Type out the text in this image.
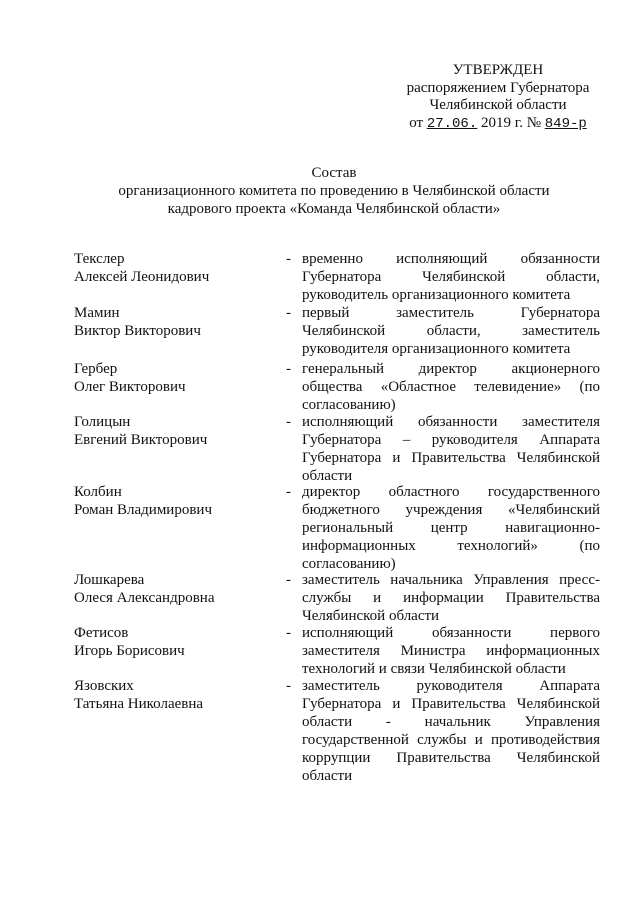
УТВЕРЖДЕН
распоряжением Губернатора
Челябинской области
от 27.06. 2019 г. № 849-р
Состав
организационного комитета по проведению в Челябинской области
кадрового проекта «Команда Челябинской области»
Текслер
Алексей Леонидович
- временно исполняющий обязанности Губернатора Челябинской области, руководитель организационного комитета
Мамин
Виктор Викторович
- первый заместитель Губернатора Челябинской области, заместитель руководителя организационного комитета
Гербер
Олег Викторович
- генеральный директор акционерного общества «Областное телевидение» (по согласованию)
Голицын
Евгений Викторович
- исполняющий обязанности заместителя Губернатора – руководителя Аппарата Губернатора и Правительства Челябинской области
Колбин
Роман Владимирович
- директор областного государственного бюджетного учреждения «Челябинский региональный центр навигационно-информационных технологий» (по согласованию)
Лошкарева
Олеся Александровна
- заместитель начальника Управления пресс-службы и информации Правительства Челябинской области
Фетисов
Игорь Борисович
- исполняющий обязанности первого заместителя Министра информационных технологий и связи Челябинской области
Язовских
Татьяна Николаевна
- заместитель руководителя Аппарата Губернатора и Правительства Челябинской области - начальник Управления государственной службы и противодействия коррупции Правительства Челябинской области
